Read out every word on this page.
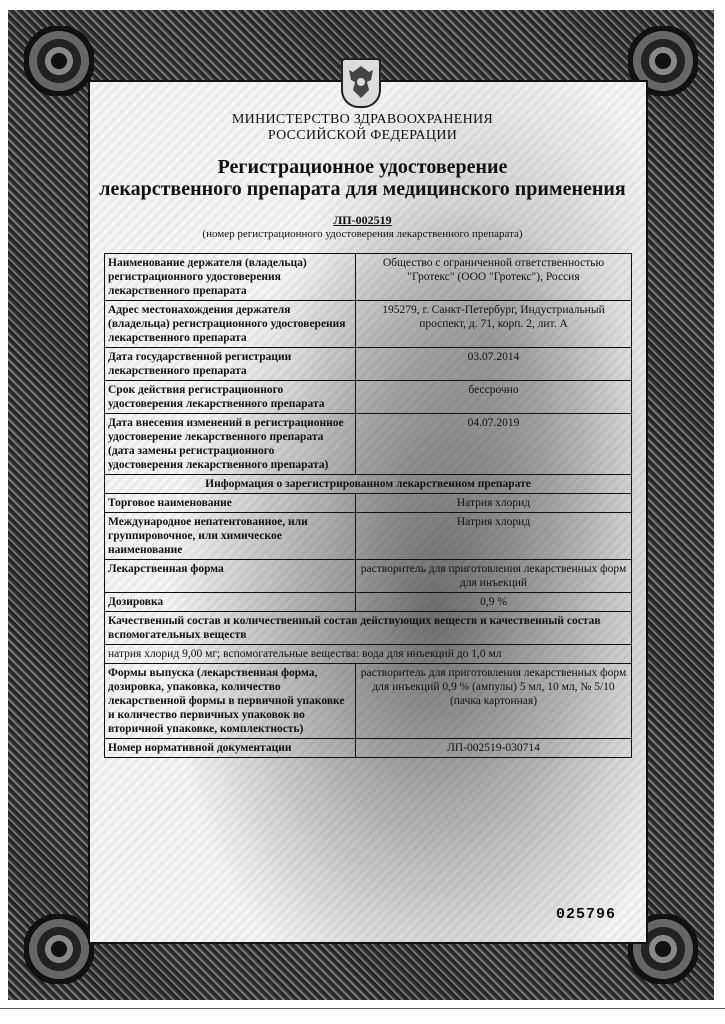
МИНИСТЕРСТВО ЗДРАВООХРАНЕНИЯ
РОССИЙСКОЙ ФЕДЕРАЦИИ
Регистрационное удостоверение
лекарственного препарата для медицинского применения
ЛП-002519
(номер регистрационного удостоверения лекарственного препарата)
Наименование держателя (владельца) регистрационного удостоверения лекарственного препарата	Общество с ограниченной ответственностью "Гротекс" (ООО "Гротекс"), Россия
Адрес местонахождения держателя (владельца) регистрационного удостоверения лекарственного препарата	195279, г. Санкт-Петербург, Индустриальный проспект, д. 71, корп. 2, лит. А
Дата государственной регистрации лекарственного препарата	03.07.2014
Срок действия регистрационного удостоверения лекарственного препарата	бессрочно
Дата внесения изменений в регистрационное удостоверение лекарственного препарата (дата замены регистрационного удостоверения лекарственного препарата)	04.07.2019
Информация о зарегистрированном лекарственном препарате	
Торговое наименование	Натрия хлорид
Международное непатентованное, или группировочное, или химическое наименование	Натрия хлорид
Лекарственная форма	растворитель для приготовления лекарственных форм для инъекций
Дозировка	0,9 %
Качественный состав и количественный состав действующих веществ и качественный состав вспомогательных веществ	
натрия хлорид 9,00 мг; вспомогательные вещества: вода для инъекций до 1,0 мл	
Формы выпуска (лекарственная форма, дозировка, упаковка, количество лекарственной формы в первичной упаковке и количество первичных упаковок во вторичной упаковке, комплектность)	растворитель для приготовления лекарственных форм для инъекций 0,9 % (ампулы) 5 мл, 10 мл, № 5/10 (пачка картонная)
Номер нормативной документации	ЛП-002519-030714
025796
